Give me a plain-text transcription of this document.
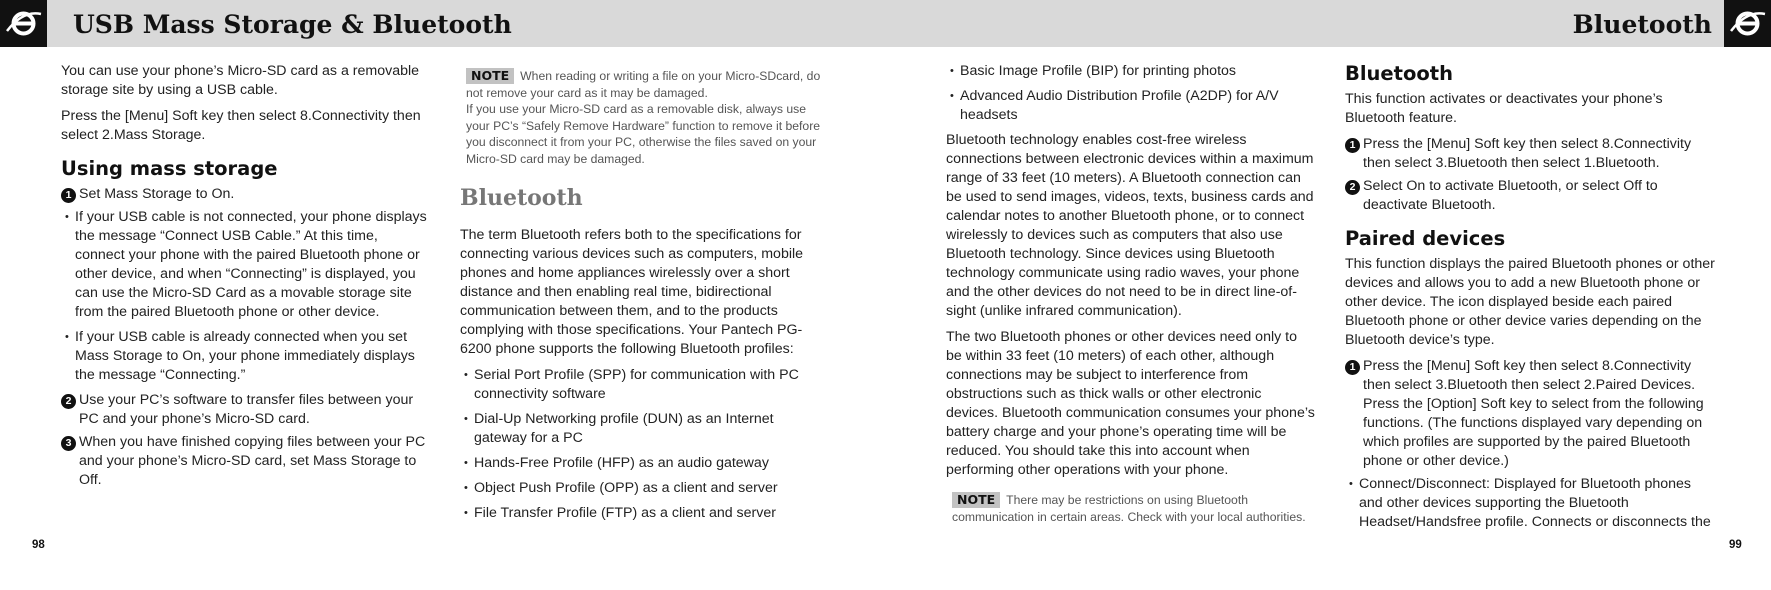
USB Mass Storage & Bluetooth	Bluetooth

You can use your phone’s Micro-SD card as a removable storage site by using a USB cable.

Press the [Menu] Soft key then select 8.Connectivity then select 2.Mass Storage.

Using mass storage
1 Set Mass Storage to On.
• If your USB cable is not connected, your phone displays the message “Connect USB Cable.” At this time, connect your phone with the paired Bluetooth phone or other device, and when “Connecting” is displayed, you can use the Micro-SD Card as a movable storage site from the paired Bluetooth phone or other device.
• If your USB cable is already connected when you set Mass Storage to On, your phone immediately displays the message “Connecting.”
2 Use your PC’s software to transfer files between your PC and your phone’s Micro-SD card.
3 When you have finished copying files between your PC and your phone’s Micro-SD card, set Mass Storage to Off.
NOTE When reading or writing a file on your Micro-SDcard, do not remove your card as it may be damaged.
If you use your Micro-SD card as a removable disk, always use your PC’s “Safely Remove Hardware” function to remove it before you disconnect it from your PC, otherwise the files saved on your Micro-SD card may be damaged.
Bluetooth

The term Bluetooth refers both to the specifications for connecting various devices such as computers, mobile phones and home appliances wirelessly over a short distance and then enabling real time, bidirectional communication between them, and to the products complying with those specifications. Your Pantech PG-6200 phone supports the following Bluetooth profiles:

• Serial Port Profile (SPP) for communication with PC connectivity software
• Dial-Up Networking profile (DUN) as an Internet gateway for a PC
• Hands-Free Profile (HFP) as an audio gateway
• Object Push Profile (OPP) as a client and server
• File Transfer Profile (FTP) as a client and server
• Basic Image Profile (BIP) for printing photos
• Advanced Audio Distribution Profile (A2DP) for A/V headsets

Bluetooth technology enables cost-free wireless connections between electronic devices within a maximum range of 33 feet (10 meters). A Bluetooth connection can be used to send images, videos, texts, business cards and calendar notes to another Bluetooth phone, or to connect wirelessly to devices such as computers that also use Bluetooth technology. Since devices using Bluetooth technology communicate using radio waves, your phone and the other devices do not need to be in direct line-of-sight (unlike infrared communication).

The two Bluetooth phones or other devices need only to be within 33 feet (10 meters) of each other, although connections may be subject to interference from obstructions such as thick walls or other electronic devices. Bluetooth communication consumes your phone’s battery charge and your phone’s operating time will be reduced. You should take this into account when performing other operations with your phone.

NOTE There may be restrictions on using Bluetooth communication in certain areas. Check with your local authorities.
Bluetooth

This function activates or deactivates your phone’s Bluetooth feature.

1 Press the [Menu] Soft key then select 8.Connectivity then select 3.Bluetooth then select 1.Bluetooth.
2 Select On to activate Bluetooth, or select Off to deactivate Bluetooth.
Paired devices

This function displays the paired Bluetooth phones or other devices and allows you to add a new Bluetooth phone or other device. The icon displayed beside each paired Bluetooth phone or other device varies depending on the Bluetooth device’s type.

1 Press the [Menu] Soft key then select 8.Connectivity then select 3.Bluetooth then select 2.Paired Devices. Press the [Option] Soft key to select from the following functions. (The functions displayed vary depending on which profiles are supported by the paired Bluetooth phone or other device.)
• Connect/Disconnect: Displayed for Bluetooth phones and other devices supporting the Bluetooth Headset/Handsfree profile. Connects or disconnects the
98	99
